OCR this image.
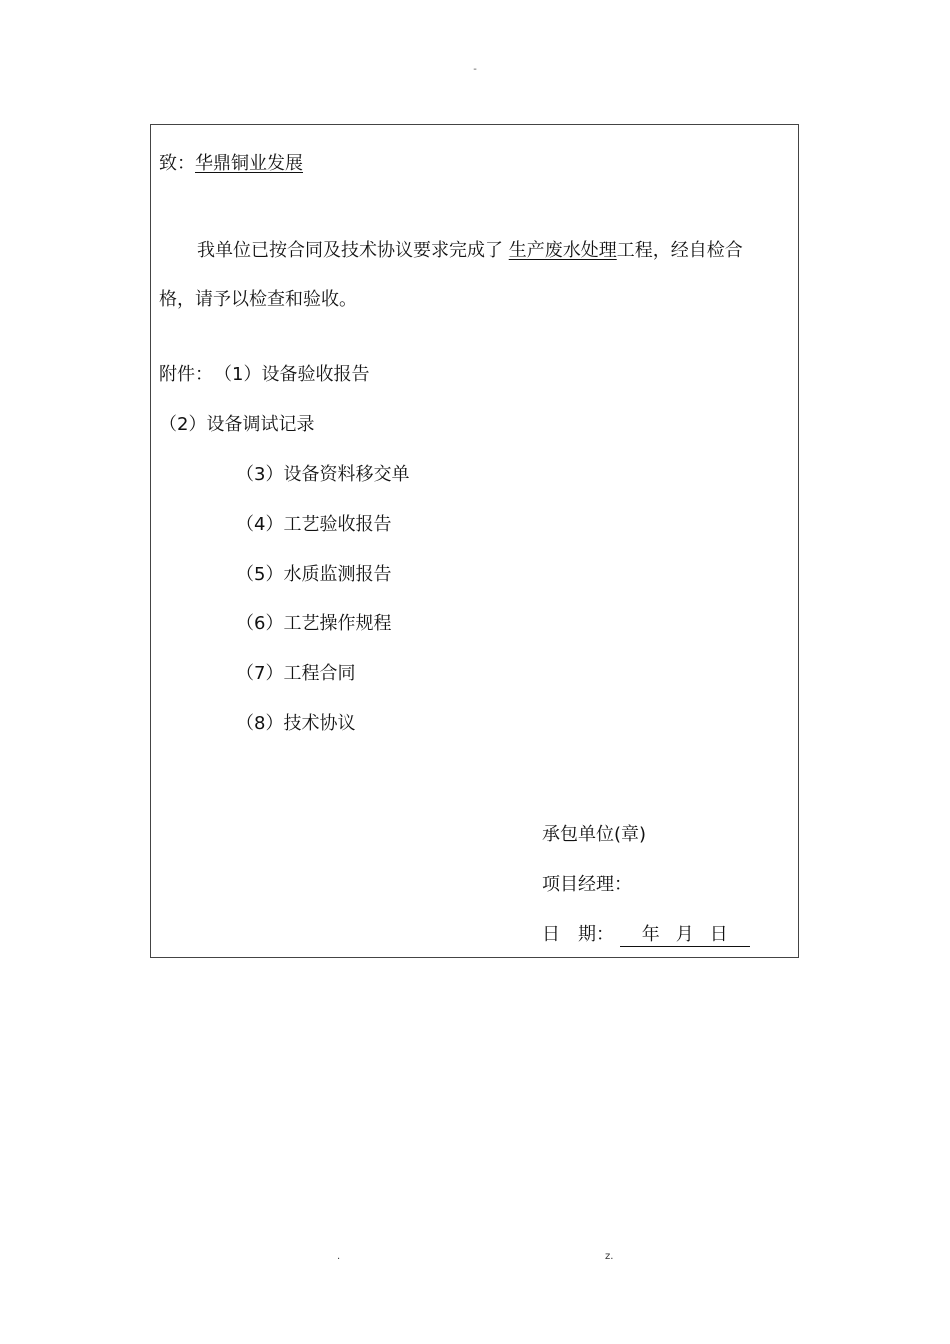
-
致：华鼎铜业发展
我单位已按合同及技术协议要求完成了 生产废水处理工程，经自检合
格，请予以检查和验收。
附件： （1）设备验收报告
（2）设备调试记录
（3）设备资料移交单
（4）工艺验收报告
（5）水质监测报告
（6）工艺操作规程
（7）工程合同
（8）技术协议
承包单位(章)
项目经理：
日　期： 年 月 日
.	z.
